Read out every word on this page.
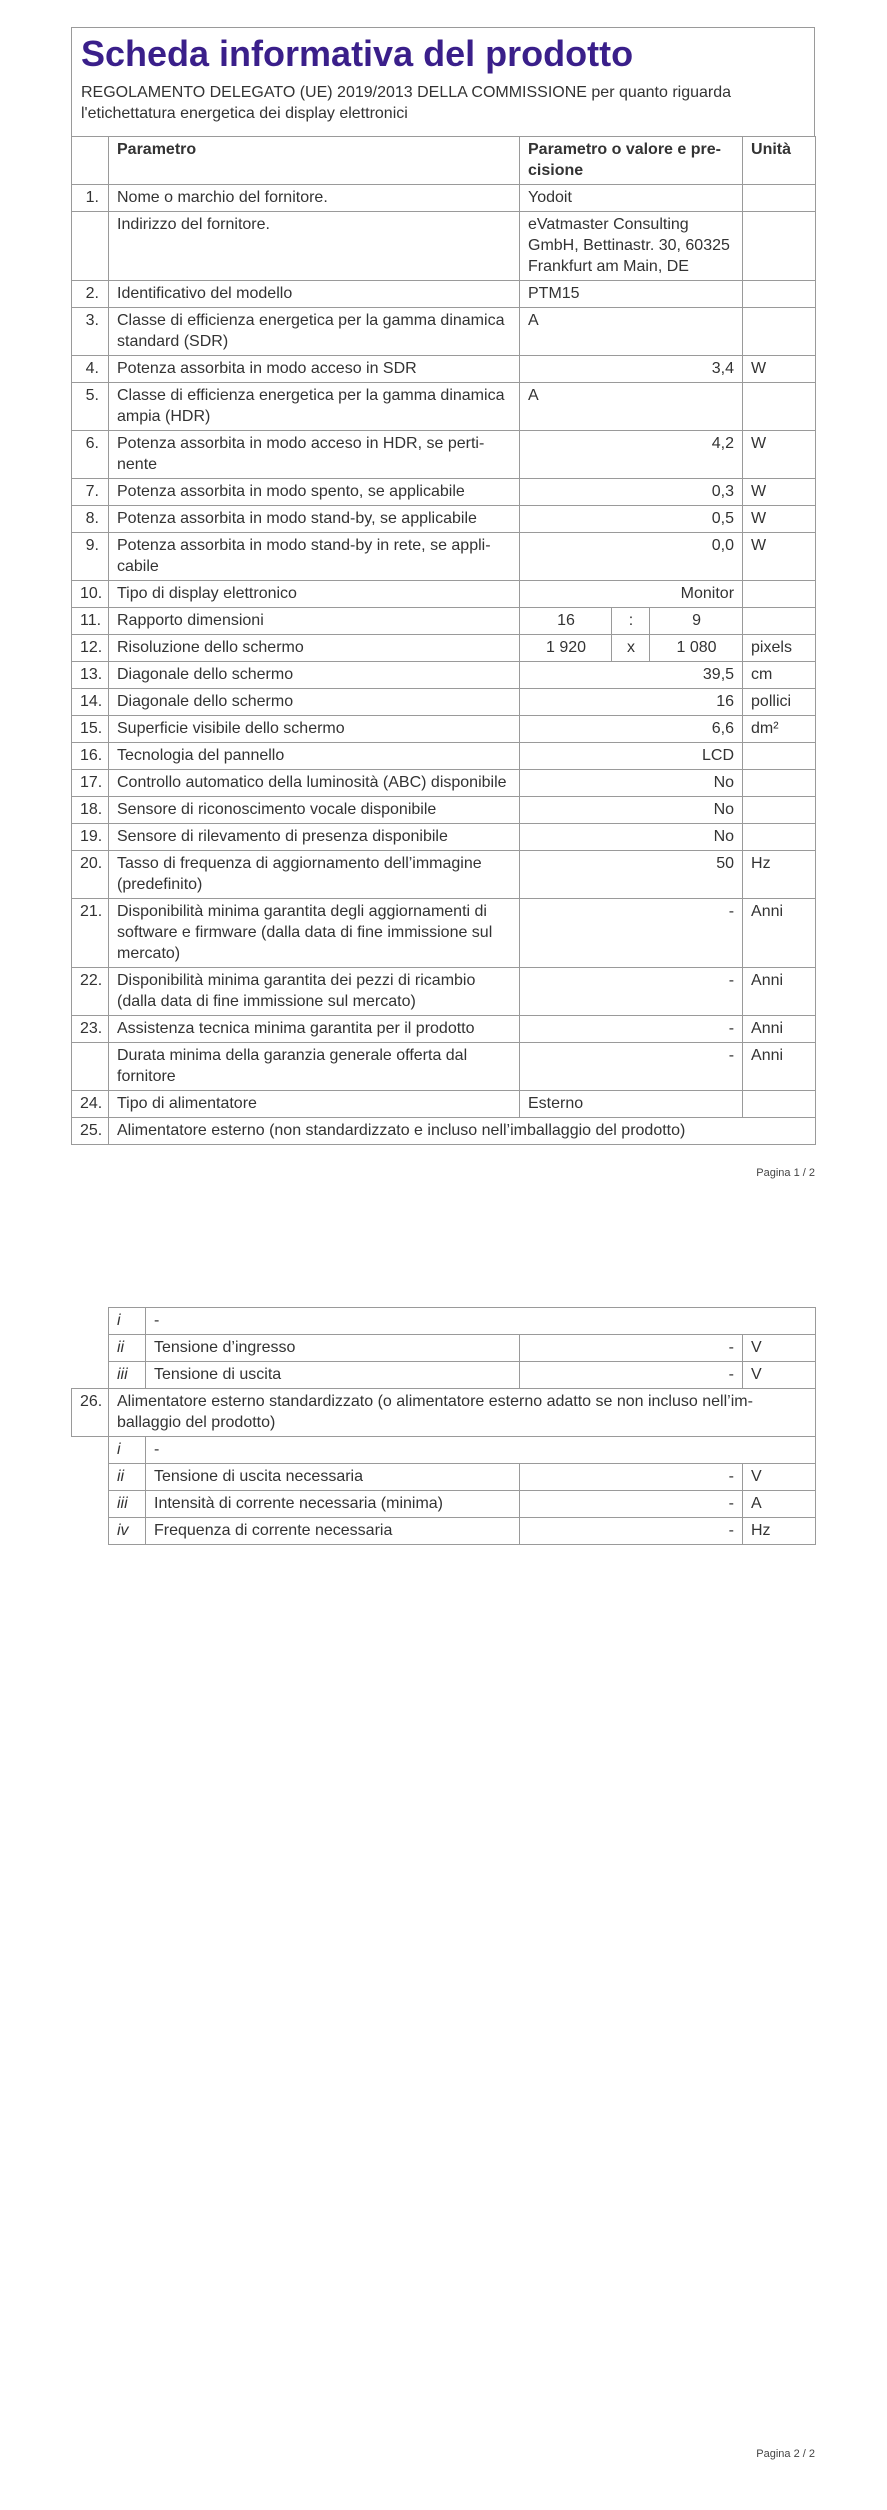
Scheda informativa del prodotto
REGOLAMENTO DELEGATO (UE) 2019/2013 DELLA COMMISSIONE per quanto riguarda l'etichettatura energetica dei display elettronici
	Parametro	Parametro o valore e precisione			Unità
1.	Nome o marchio del fornitore.	Yodoit			
	Indirizzo del fornitore.	eVatmaster Consulting GmbH, Bettinastr. 30, 60325 Frankfurt am Main, DE			
2.	Identificativo del modello	PTM15			
3.	Classe di efficienza energetica per la gamma dinamica standard (SDR)	A			
4.	Potenza assorbita in modo acceso in SDR	3,4			W
5.	Classe di efficienza energetica per la gamma dinamica ampia (HDR)	A			
6.	Potenza assorbita in modo acceso in HDR, se pertinente	4,2			W
7.	Potenza assorbita in modo spento, se applicabile	0,3			W
8.	Potenza assorbita in modo stand-by, se applicabile	0,5			W
9.	Potenza assorbita in modo stand-by in rete, se applicabile	0,0			W
10.	Tipo di display elettronico	Monitor			
11.	Rapporto dimensioni	16	:	9	
12.	Risoluzione dello schermo	1 920	x	1 080	pixels
13.	Diagonale dello schermo	39,5			cm
14.	Diagonale dello schermo	16			pollici
15.	Superficie visibile dello schermo	6,6			dm²
16.	Tecnologia del pannello	LCD			
17.	Controllo automatico della luminosità (ABC) disponibile	No			
18.	Sensore di riconoscimento vocale disponibile	No			
19.	Sensore di rilevamento di presenza disponibile	No			
20.	Tasso di frequenza di aggiornamento dell’immagine (predefinito)	50			Hz
21.	Disponibilità minima garantita degli aggiornamenti di software e firmware (dalla data di fine immissione sul mercato)	-			Anni
22.	Disponibilità minima garantita dei pezzi di ricambio (dalla data di fine immissione sul mercato)	-			Anni
23.	Assistenza tecnica minima garantita per il prodotto	-			Anni
	Durata minima della garanzia generale offerta dal fornitore	-			Anni
24.	Tipo di alimentatore	Esterno			
25.	Alimentatore esterno (non standardizzato e incluso nell’imballaggio del prodotto)				
Pagina 1 / 2
	i	-		
	ii	Tensione d’ingresso	-	V
	iii	Tensione di uscita	-	V
26.	Alimentatore esterno standardizzato (o alimentatore esterno adatto se non incluso nell’imballaggio del prodotto)			
	i	-		
	ii	Tensione di uscita necessaria	-	V
	iii	Intensità di corrente necessaria (minima)	-	A
	iv	Frequenza di corrente necessaria	-	Hz
Pagina 2 / 2
